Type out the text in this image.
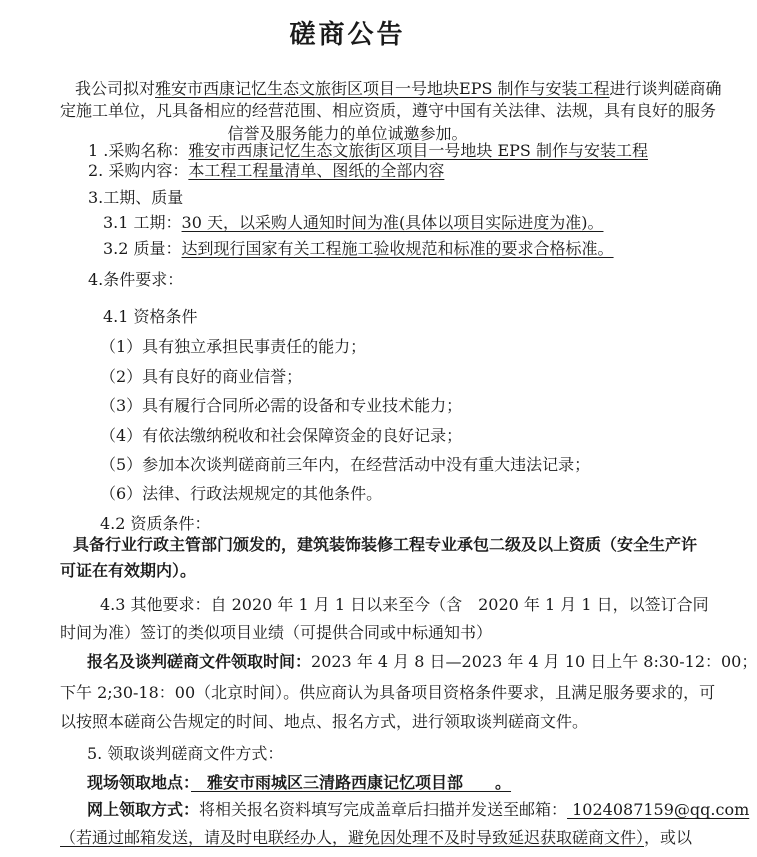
磋商公告
我公司拟对雅安市西康记忆生态文旅街区项目一号地块EPS 制作与安装工程进行谈判磋商确
定施工单位，凡具备相应的经营范围、相应资质，遵守中国有关法律、法规，具有良好的服务
信誉及服务能力的单位诚邀参加。
1 .采购名称：雅安市西康记忆生态文旅街区项目一号地块 EPS 制作与安装工程
2. 采购内容：本工程工程量清单、图纸的全部内容
3.工期、质量
3.1 工期：30 天，以采购人通知时间为准(具体以项目实际进度为准)。
3.2 质量：达到现行国家有关工程施工验收规范和标准的要求合格标准。
4.条件要求：
4.1 资格条件
（1）具有独立承担民事责任的能力；
（2）具有良好的商业信誉；
（3）具有履行合同所必需的设备和专业技术能力；
（4）有依法缴纳税收和社会保障资金的良好记录；
（5）参加本次谈判磋商前三年内，在经营活动中没有重大违法记录；
（6）法律、行政法规规定的其他条件。
4.2 资质条件：
具备行业行政主管部门颁发的，建筑装饰装修工程专业承包二级及以上资质（安全生产许
可证在有效期内）。
4.3 其他要求：自 2020 年 1 月 1 日以来至今（含　2020 年 1 月 1 日，以签订合同
时间为准）签订的类似项目业绩（可提供合同或中标通知书）
报名及谈判磋商文件领取时间：2023 年 4 月 8 日—2023 年 4 月 10 日上午 8:30-12：00；
下午 2;30-18：00（北京时间）。供应商认为具备项目资格条件要求，且满足服务要求的，可
以按照本磋商公告规定的时间、地点、报名方式，进行领取谈判磋商文件。
5. 领取谈判磋商文件方式：
现场领取地点：　雅安市雨城区三清路西康记忆项目部　　。
网上领取方式：将相关报名资料填写完成盖章后扫描并发送至邮箱： 1024087159@qq.com
（若通过邮箱发送，请及时电联经办人，避免因处理不及时导致延迟获取磋商文件），或以
